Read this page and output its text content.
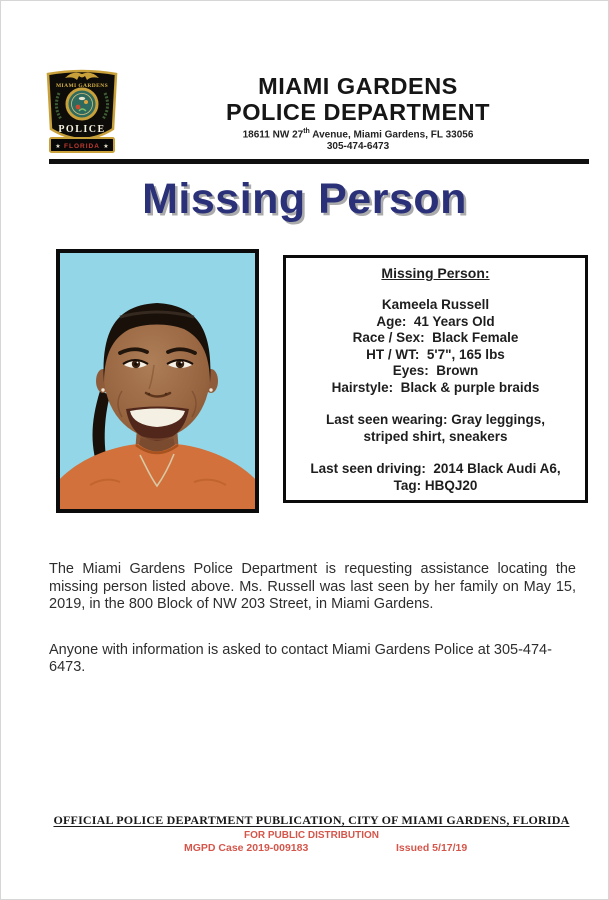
MIAMI GARDENS
POLICE
★ FLORIDA ★
MIAMI GARDENS
POLICE DEPARTMENT
18611 NW 27th Avenue, Miami Gardens, FL 33056
305-474-6473
Missing Person
Missing Person:
Kameela Russell
Age:  41 Years Old
Race / Sex:  Black Female
HT / WT:  5'7", 165 lbs
Eyes:  Brown
Hairstyle:  Black & purple braids
Last seen wearing: Gray leggings,
striped shirt, sneakers
Last seen driving:  2014 Black Audi A6,
Tag: HBQJ20

The Miami Gardens Police Department is requesting assistance locating the missing person listed above. Ms. Russell was last seen by her family on May 15, 2019, in the 800 Block of NW 203 Street, in Miami Gardens.

Anyone with information is asked to contact Miami Gardens Police at 305-474-6473.

OFFICIAL POLICE DEPARTMENT PUBLICATION, CITY OF MIAMI GARDENS, FLORIDA
FOR PUBLIC DISTRIBUTION
MGPD Case 2019-009183	Issued 5/17/19
